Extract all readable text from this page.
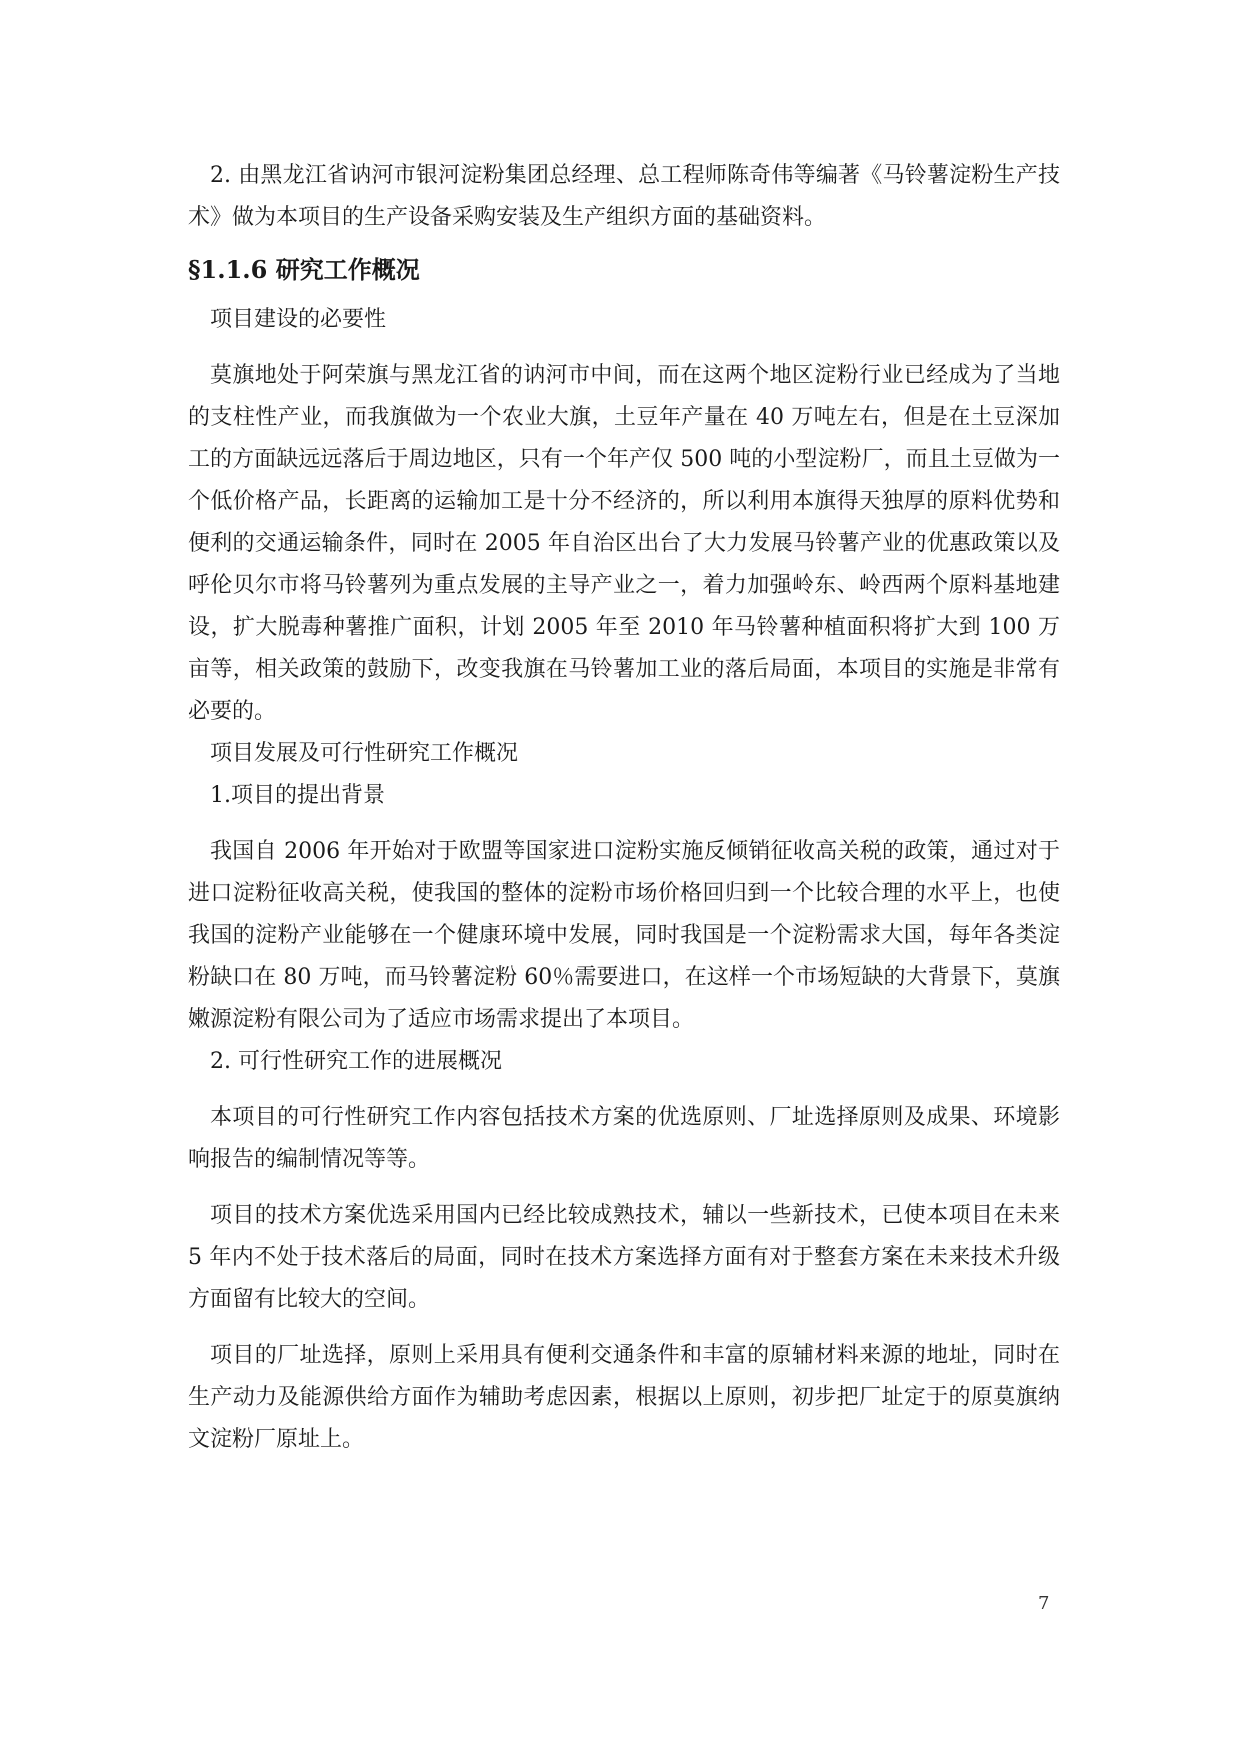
2. 由黑龙江省讷河市银河淀粉集团总经理、总工程师陈奇伟等编著《马铃薯淀粉生产技术》做为本项目的生产设备采购安装及生产组织方面的基础资料。

§1.1.6 研究工作概况

项目建设的必要性

莫旗地处于阿荣旗与黑龙江省的讷河市中间，而在这两个地区淀粉行业已经成为了当地的支柱性产业，而我旗做为一个农业大旗，土豆年产量在 40 万吨左右，但是在土豆深加工的方面缺远远落后于周边地区，只有一个年产仅 500 吨的小型淀粉厂，而且土豆做为一个低价格产品，长距离的运输加工是十分不经济的，所以利用本旗得天独厚的原料优势和便利的交通运输条件，同时在 2005 年自治区出台了大力发展马铃薯产业的优惠政策以及呼伦贝尔市将马铃薯列为重点发展的主导产业之一，着力加强岭东、岭西两个原料基地建设，扩大脱毒种薯推广面积，计划 2005 年至 2010 年马铃薯种植面积将扩大到 100 万亩等，相关政策的鼓励下，改变我旗在马铃薯加工业的落后局面，本项目的实施是非常有必要的。

项目发展及可行性研究工作概况

1.项目的提出背景

我国自 2006 年开始对于欧盟等国家进口淀粉实施反倾销征收高关税的政策，通过对于进口淀粉征收高关税，使我国的整体的淀粉市场价格回归到一个比较合理的水平上，也使我国的淀粉产业能够在一个健康环境中发展，同时我国是一个淀粉需求大国，每年各类淀粉缺口在 80 万吨，而马铃薯淀粉 60％需要进口，在这样一个市场短缺的大背景下，莫旗嫩源淀粉有限公司为了适应市场需求提出了本项目。

2. 可行性研究工作的进展概况

本项目的可行性研究工作内容包括技术方案的优选原则、厂址选择原则及成果、环境影响报告的编制情况等等。

项目的技术方案优选采用国内已经比较成熟技术，辅以一些新技术，已使本项目在未来 5 年内不处于技术落后的局面，同时在技术方案选择方面有对于整套方案在未来技术升级方面留有比较大的空间。

项目的厂址选择，原则上采用具有便利交通条件和丰富的原辅材料来源的地址，同时在生产动力及能源供给方面作为辅助考虑因素，根据以上原则，初步把厂址定于的原莫旗纳文淀粉厂原址上。

7
